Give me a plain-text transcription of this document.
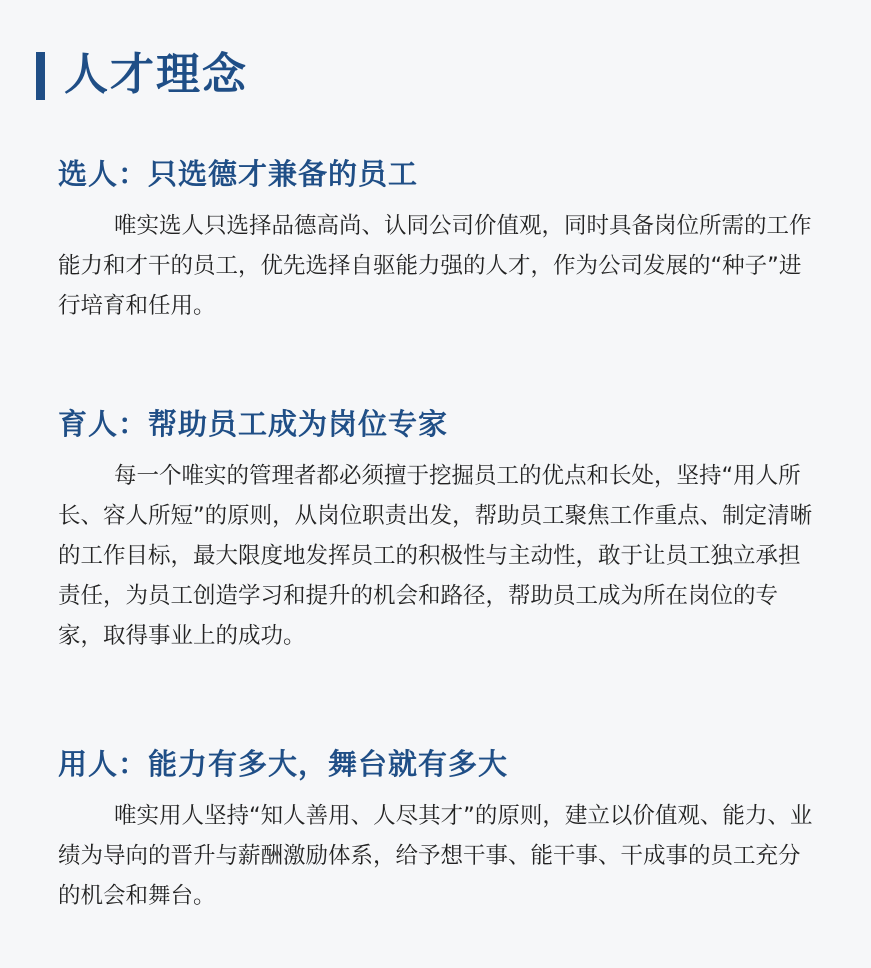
人才理念
选人：只选德才兼备的员工
唯实选人只选择品德高尚、认同公司价值观，同时具备岗位所需的工作能力和才干的员工，优先选择自驱能力强的人才，作为公司发展的“种子”进行培育和任用。
育人：帮助员工成为岗位专家
每一个唯实的管理者都必须擅于挖掘员工的优点和长处，坚持“用人所长、容人所短”的原则，从岗位职责出发，帮助员工聚焦工作重点、制定清晰的工作目标，最大限度地发挥员工的积极性与主动性，敢于让员工独立承担责任，为员工创造学习和提升的机会和路径，帮助员工成为所在岗位的专家，取得事业上的成功。
用人：能力有多大，舞台就有多大
唯实用人坚持“知人善用、人尽其才”的原则，建立以价值观、能力、业绩为导向的晋升与薪酬激励体系，给予想干事、能干事、干成事的员工充分的机会和舞台。
